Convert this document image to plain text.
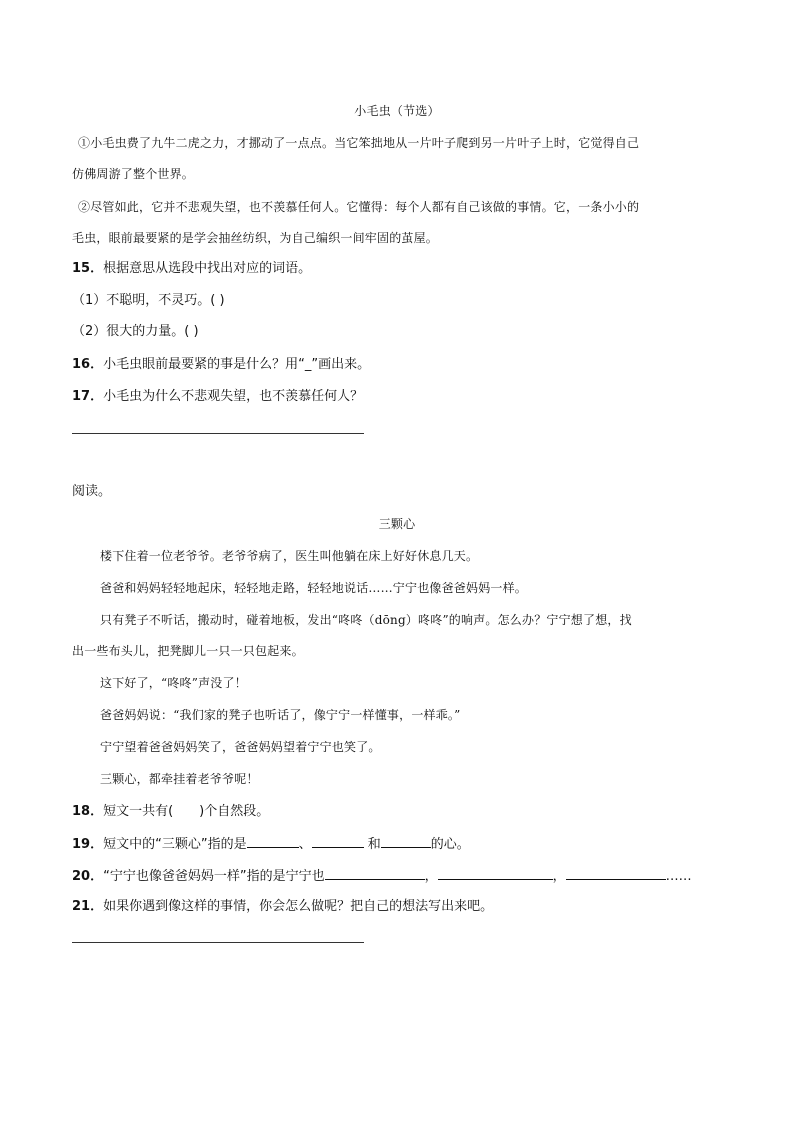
小毛虫（节选）
①小毛虫费了九牛二虎之力，才挪动了一点点。当它笨拙地从一片叶子爬到另一片叶子上时，它觉得自己
仿佛周游了整个世界。
②尽管如此，它并不悲观失望，也不羡慕任何人。它懂得：每个人都有自己该做的事情。它，一条小小的
毛虫，眼前最要紧的是学会抽丝纺织，为自己编织一间牢固的茧屋。
15．根据意思从选段中找出对应的词语。
（1）不聪明，不灵巧。( )
（2）很大的力量。( )
16．小毛虫眼前最要紧的事是什么？用“_”画出来。
17．小毛虫为什么不悲观失望，也不羡慕任何人？
阅读。
三颗心
楼下住着一位老爷爷。老爷爷病了，医生叫他躺在床上好好休息几天。
爸爸和妈妈轻轻地起床，轻轻地走路，轻轻地说话……宁宁也像爸爸妈妈一样。
只有凳子不听话，搬动时，碰着地板，发出“咚咚（dōng）咚咚”的响声。怎么办？宁宁想了想，找
出一些布头儿，把凳脚儿一只一只包起来。
这下好了，“咚咚”声没了！
爸爸妈妈说：“我们家的凳子也听话了，像宁宁一样懂事，一样乖。”
宁宁望着爸爸妈妈笑了，爸爸妈妈望着宁宁也笑了。
三颗心，都牵挂着老爷爷呢！
18．短文一共有( )个自然段。
19．短文中的“三颗心”指的是	、	和	的心。
20．“宁宁也像爸爸妈妈一样”指的是宁宁也	，	，	……
21．如果你遇到像这样的事情，你会怎么做呢？把自己的想法写出来吧。
